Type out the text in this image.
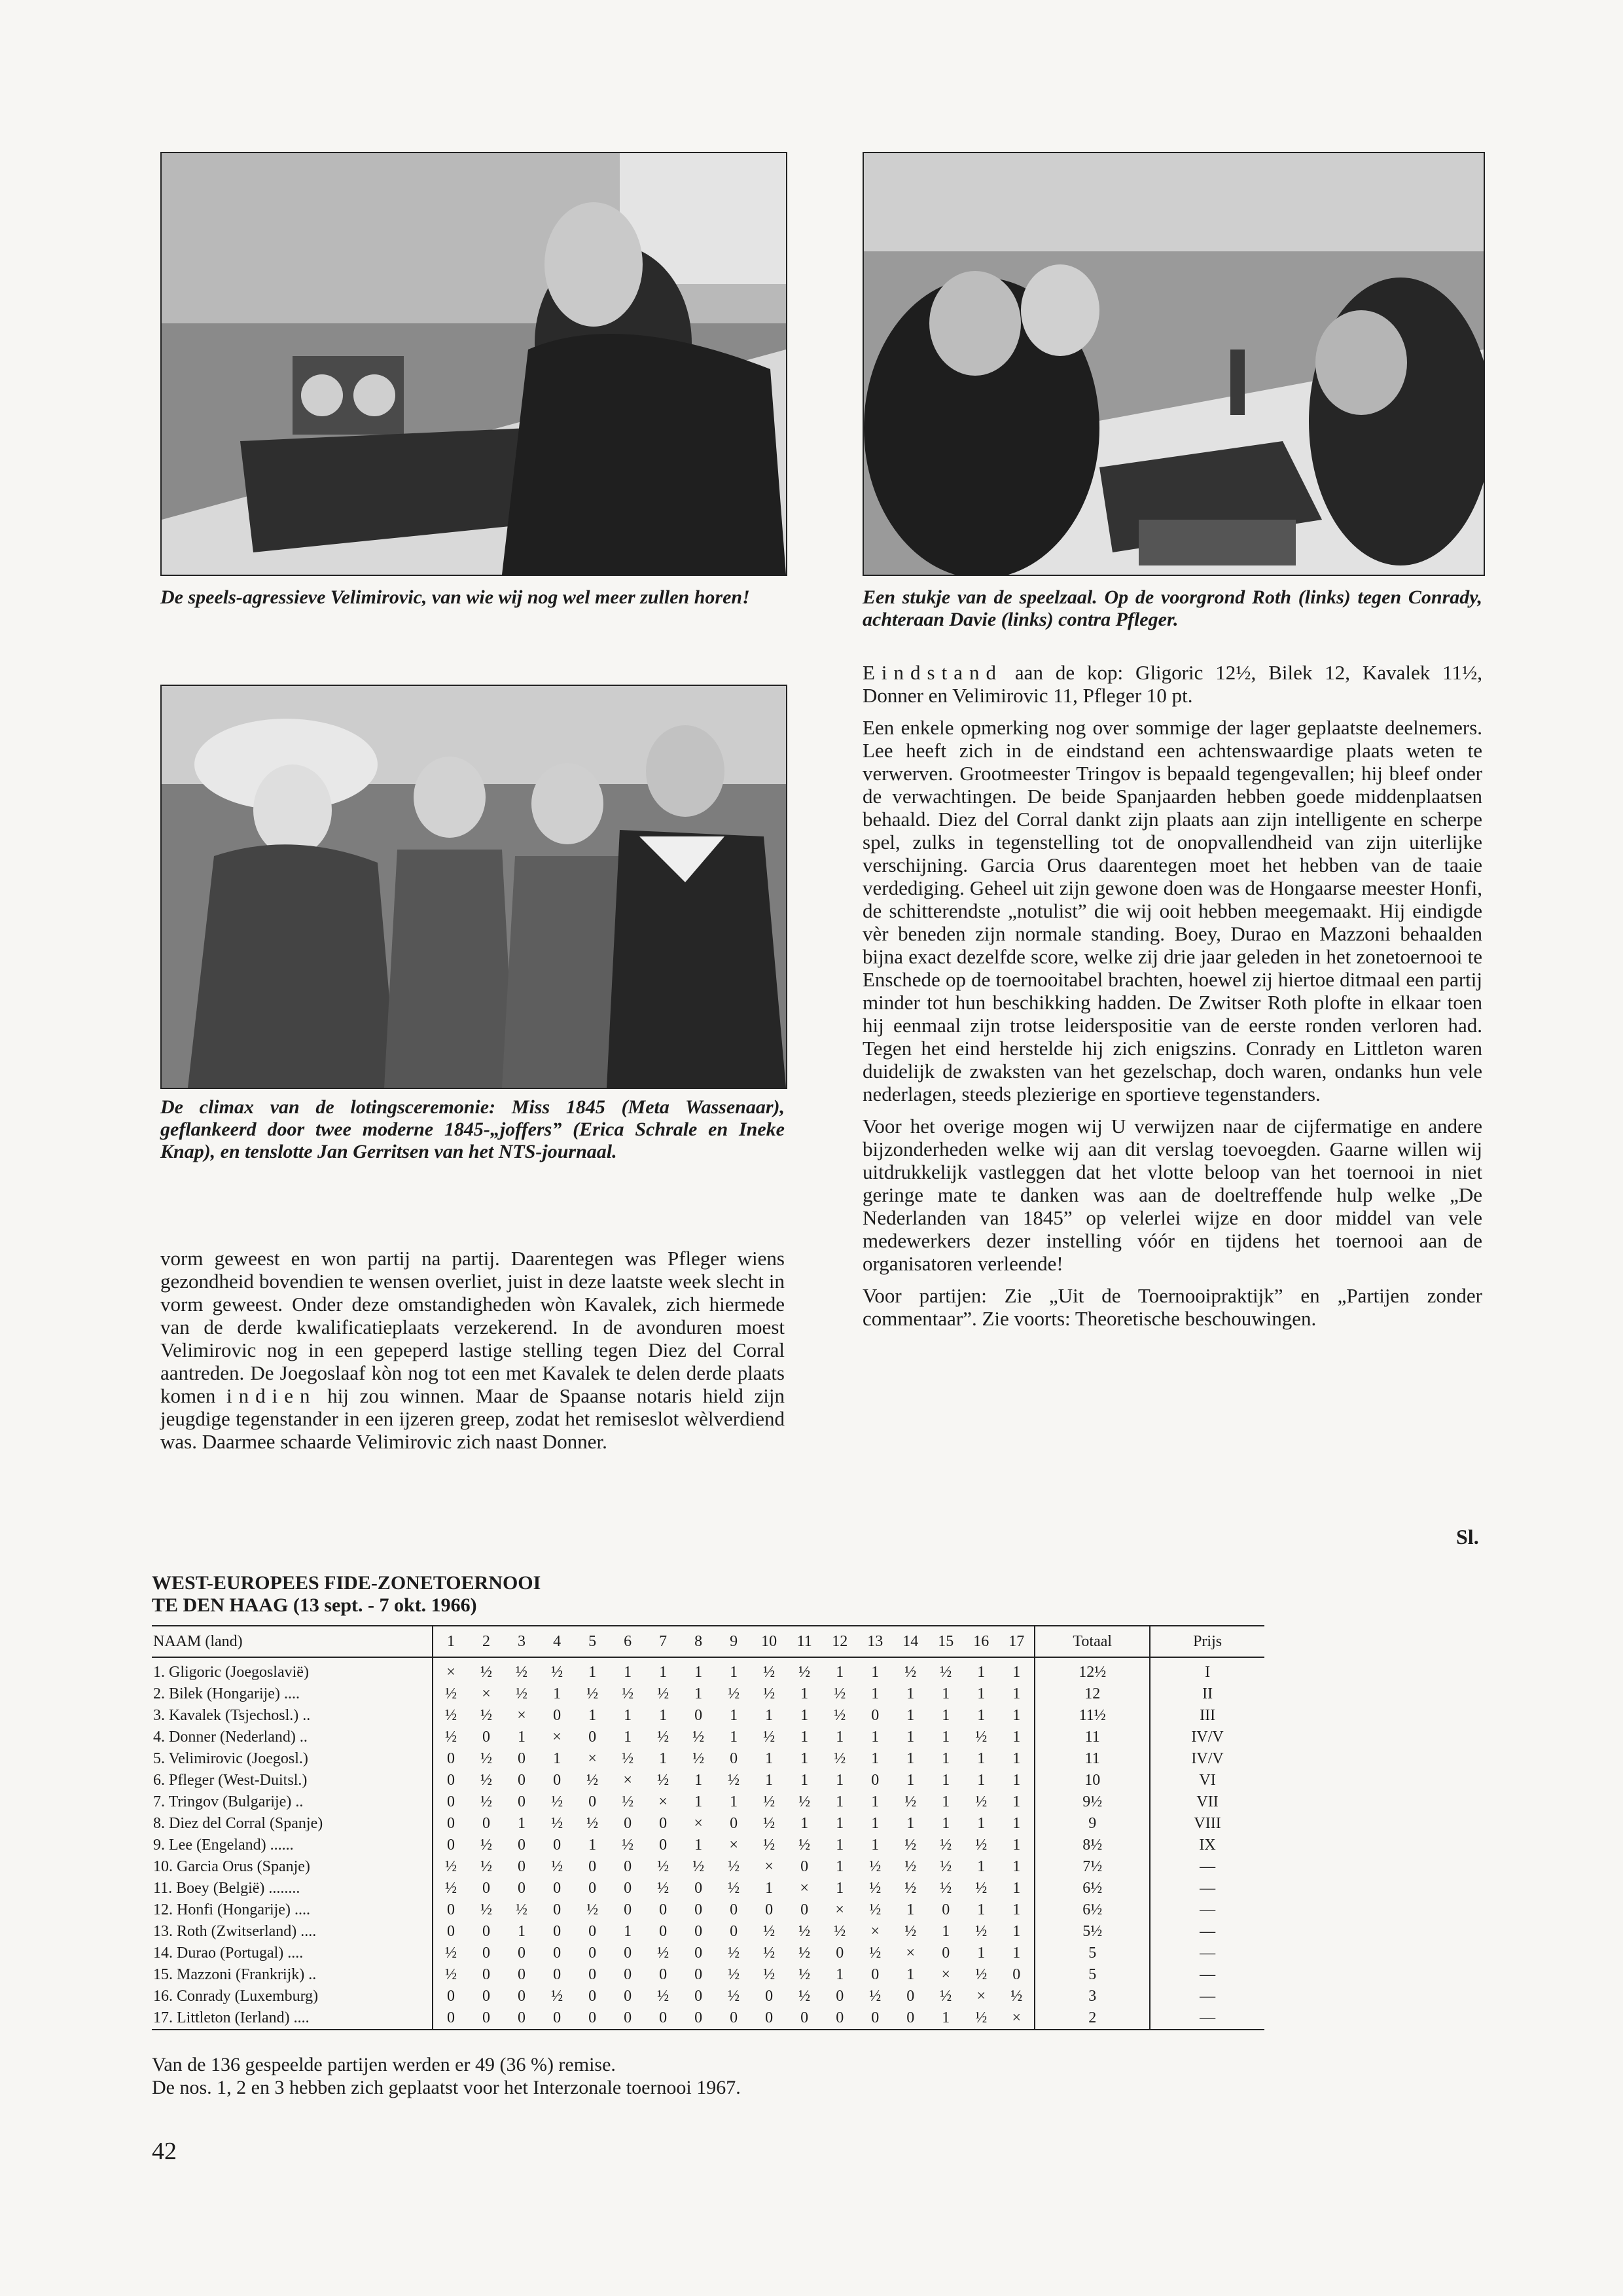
De speels-agressieve Velimirovic, van wie wij nog wel meer zullen horen!	Een stukje van de speelzaal. Op de voorgrond Roth (links) tegen Conrady, achteraan Davie (links) contra Pfleger.
De climax van de lotingsceremonie: Miss 1845 (Meta Wassenaar), geflankeerd door twee moderne 1845-„joffers” (Erica Schrale en Ineke Knap), en tenslotte Jan Gerritsen van het NTS-journaal.

vorm geweest en won partij na partij. Daarentegen was Pfleger wiens gezondheid bovendien te wensen overliet, juist in deze laatste week slecht in vorm geweest. Onder deze omstandigheden wòn Kavalek, zich hiermede van de derde kwalificatieplaats verzekerend. In de avonduren moest Velimirovic nog in een gepeperd lastige stelling tegen Diez del Corral aantreden. De Joegoslaaf kòn nog tot een met Kavalek te delen derde plaats komen indien hij zou winnen. Maar de Spaanse notaris hield zijn jeugdige tegenstander in een ijzeren greep, zodat het remiseslot wèlverdiend was. Daarmee schaarde Velimirovic zich naast Donner.

Eindstand aan de kop: Gligoric 12½, Bilek 12, Kavalek 11½, Donner en Velimirovic 11, Pfleger 10 pt.

Een enkele opmerking nog over sommige der lager geplaatste deelnemers. Lee heeft zich in de eindstand een achtenswaardige plaats weten te verwerven. Grootmeester Tringov is bepaald tegengevallen; hij bleef onder de verwachtingen. De beide Spanjaarden hebben goede middenplaatsen behaald. Diez del Corral dankt zijn plaats aan zijn intelligente en scherpe spel, zulks in tegenstelling tot de onopvallendheid van zijn uiterlijke verschijning. Garcia Orus daarentegen moet het hebben van de taaie verdediging. Geheel uit zijn gewone doen was de Hongaarse meester Honfi, de schitterendste „notulist” die wij ooit hebben meegemaakt. Hij eindigde vèr beneden zijn normale standing. Boey, Durao en Mazzoni behaalden bijna exact dezelfde score, welke zij drie jaar geleden in het zonetoernooi te Enschede op de toernooitabel brachten, hoewel zij hiertoe ditmaal een partij minder tot hun beschikking hadden. De Zwitser Roth plofte in elkaar toen hij eenmaal zijn trotse leiderspositie van de eerste ronden verloren had. Tegen het eind herstelde hij zich enigszins. Conrady en Littleton waren duidelijk de zwaksten van het gezelschap, doch waren, ondanks hun vele nederlagen, steeds plezierige en sportieve tegenstanders.

Voor het overige mogen wij U verwijzen naar de cijfermatige en andere bijzonderheden welke wij aan dit verslag toevoegden. Gaarne willen wij uitdrukkelijk vastleggen dat het vlotte beloop van het toernooi in niet geringe mate te danken was aan de doeltreffende hulp welke „De Nederlanden van 1845” op velerlei wijze en door middel van vele medewerkers dezer instelling vóór en tijdens het toernooi aan de organisatoren verleende!

Voor partijen: Zie „Uit de Toernooipraktijk” en „Partijen zonder commentaar”. Zie voorts: Theoretische beschouwingen.

Sl.
WEST-EUROPEES FIDE-ZONETOERNOOI
TE DEN HAAG (13 sept. - 7 okt. 1966)
NAAM (land)	1	2	3	4	5	6	7	8	9	10	11	12	13	14	15	16	17	Totaal	Prijs
1. Gligoric (Joegoslavië)	×	½	½	½	1	1	1	1	1	½	½	1	1	½	½	1	1	12½	I
2. Bilek (Hongarije) ....	½	×	½	1	½	½	½	1	½	½	1	½	1	1	1	1	1	12	II
3. Kavalek (Tsjechosl.) ..	½	½	×	0	1	1	1	0	1	1	1	½	0	1	1	1	1	11½	III
4. Donner (Nederland) ..	½	0	1	×	0	1	½	½	1	½	1	1	1	1	1	½	1	11	IV/V
5. Velimirovic (Joegosl.)	0	½	0	1	×	½	1	½	0	1	1	½	1	1	1	1	1	11	IV/V
6. Pfleger (West-Duitsl.)	0	½	0	0	½	×	½	1	½	1	1	1	0	1	1	1	1	10	VI
7. Tringov (Bulgarije) ..	0	½	0	½	0	½	×	1	1	½	½	1	1	½	1	½	1	9½	VII
8. Diez del Corral (Spanje)	0	0	1	½	½	0	0	×	0	½	1	1	1	1	1	1	1	9	VIII
9. Lee (Engeland) ......	0	½	0	0	1	½	0	1	×	½	½	1	1	½	½	½	1	8½	IX
10. Garcia Orus (Spanje)	½	½	0	½	0	0	½	½	½	×	0	1	½	½	½	1	1	7½	—
11. Boey (België) ........	½	0	0	0	0	0	½	0	½	1	×	1	½	½	½	½	1	6½	—
12. Honfi (Hongarije) ....	0	½	½	0	½	0	0	0	0	0	0	×	½	1	0	1	1	6½	—
13. Roth (Zwitserland) ....	0	0	1	0	0	1	0	0	0	½	½	½	×	½	1	½	1	5½	—
14. Durao (Portugal) ....	½	0	0	0	0	0	½	0	½	½	½	0	½	×	0	1	1	5	—
15. Mazzoni (Frankrijk) ..	½	0	0	0	0	0	0	0	½	½	½	1	0	1	×	½	0	5	—
16. Conrady (Luxemburg)	0	0	0	½	0	0	½	0	½	0	½	0	½	0	½	×	½	3	—
17. Littleton (Ierland) ....	0	0	0	0	0	0	0	0	0	0	0	0	0	0	1	½	×	2	—
Van de 136 gespeelde partijen werden er 49 (36 %) remise.
De nos. 1, 2 en 3 hebben zich geplaatst voor het Interzonale toernooi 1967.
42
